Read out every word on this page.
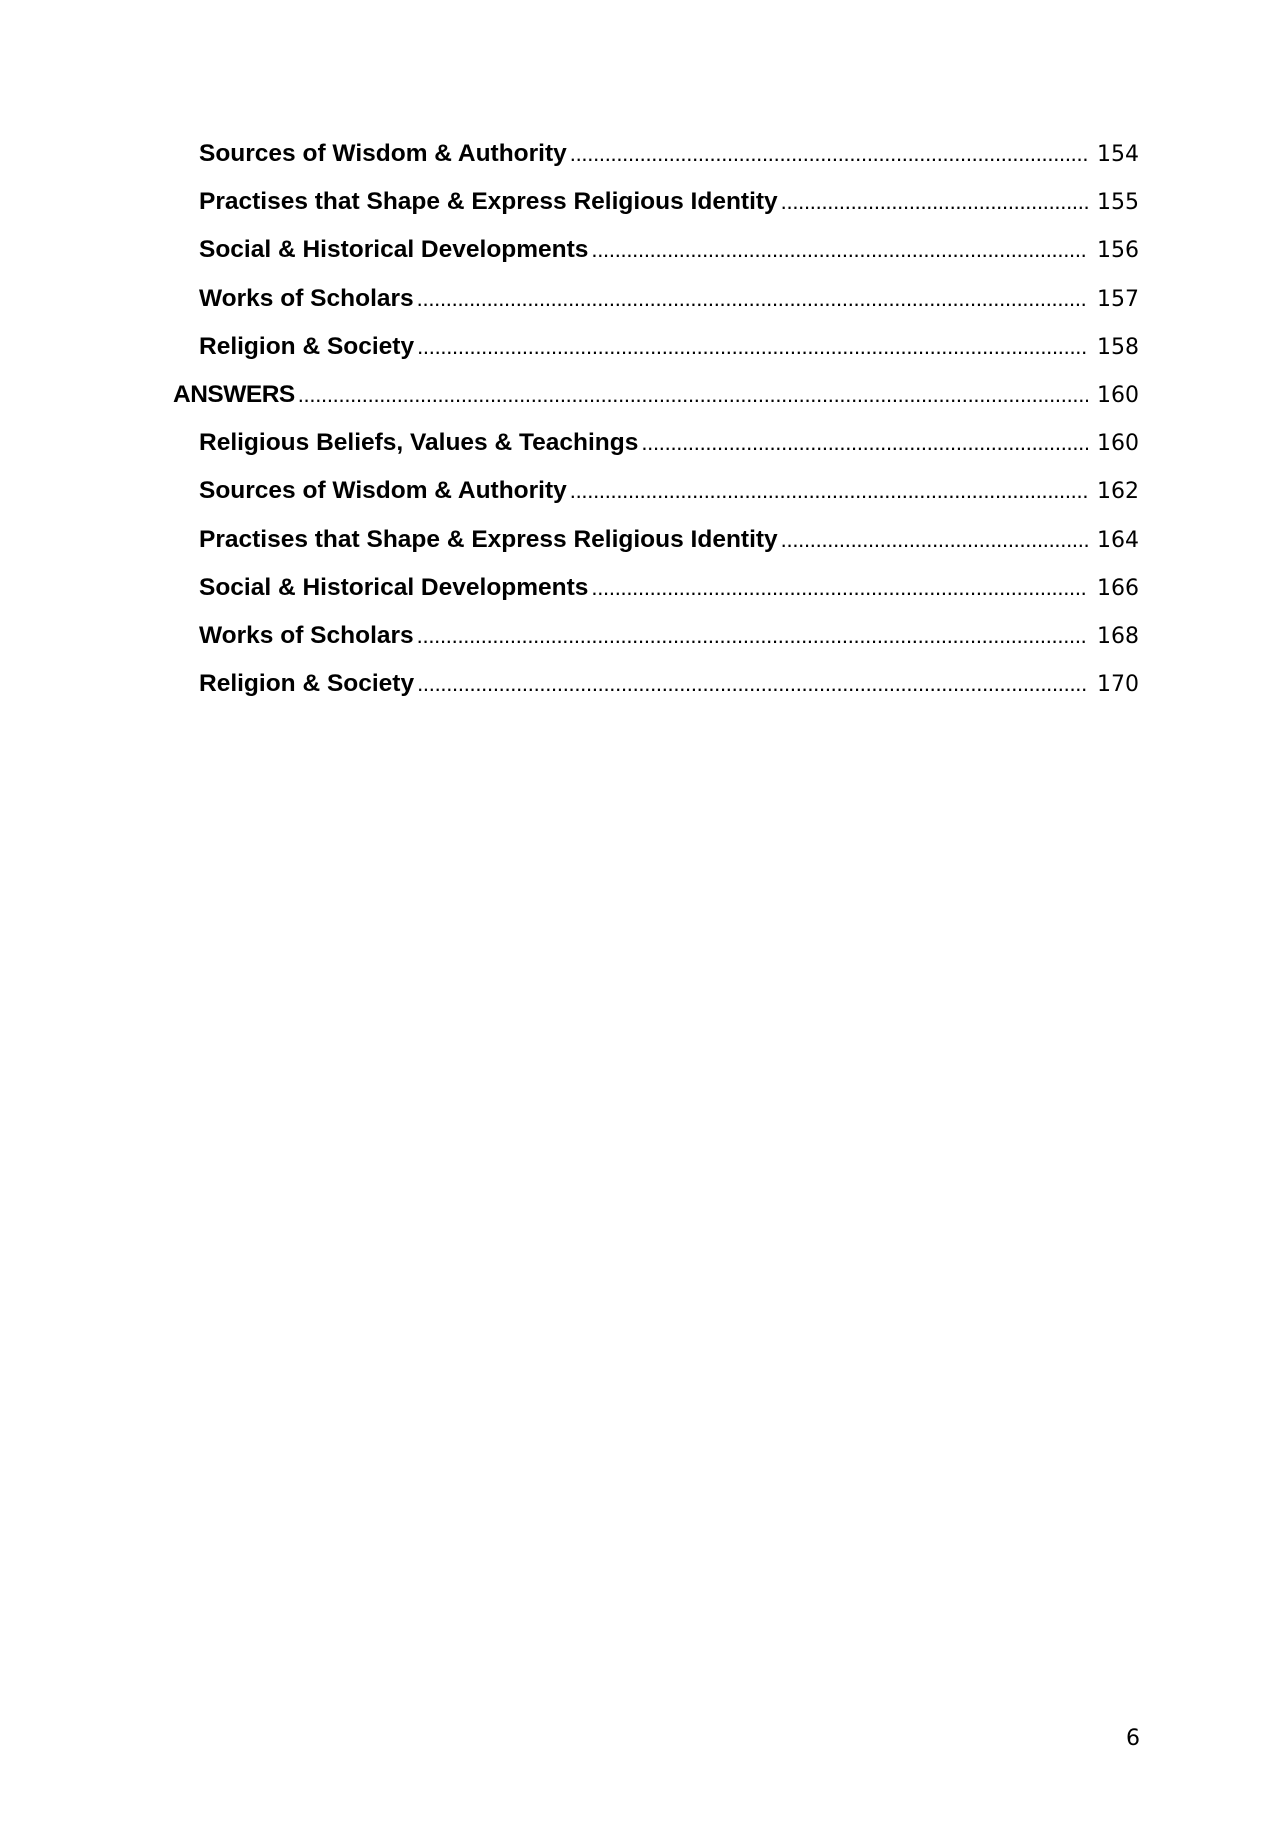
Sources of Wisdom & Authority . . .	154
Practises that Shape & Express Religious Identity . . .	155
Social & Historical Developments . . .	156
Works of Scholars . . .	157
Religion & Society . . .	158
ANSWERS . . .	160
Religious Beliefs, Values & Teachings . . .	160
Sources of Wisdom & Authority . . .	162
Practises that Shape & Express Religious Identity . . .	164
Social & Historical Developments . . .	166
Works of Scholars . . .	168
Religion & Society . . .	170
6
